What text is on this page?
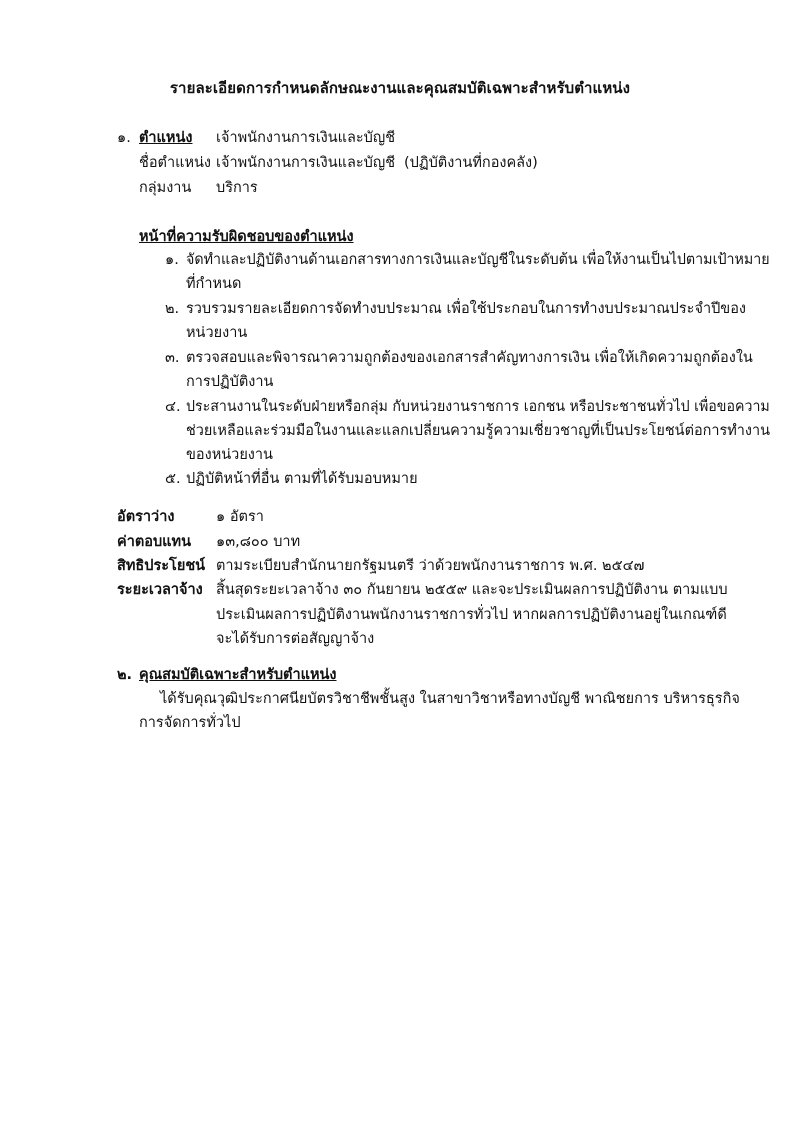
รายละเอียดการกำหนดลักษณะงานและคุณสมบัติเฉพาะสำหรับตำแหน่ง
๑. ตำแหน่ง เจ้าพนักงานการเงินและบัญชี
ชื่อตำแหน่ง เจ้าพนักงานการเงินและบัญชี (ปฏิบัติงานที่กองคลัง)
กลุ่มงาน บริการ
หน้าที่ความรับผิดชอบของตำแหน่ง
๑. จัดทำและปฏิบัติงานด้านเอกสารทางการเงินและบัญชีในระดับต้น เพื่อให้งานเป็นไปตามเป้าหมาย
ที่กำหนด
๒. รวบรวมรายละเอียดการจัดทำงบประมาณ เพื่อใช้ประกอบในการทำงบประมาณประจำปีของ
หน่วยงาน
๓. ตรวจสอบและพิจารณาความถูกต้องของเอกสารสำคัญทางการเงิน เพื่อให้เกิดความถูกต้องใน
การปฏิบัติงาน
๔. ประสานงานในระดับฝ่ายหรือกลุ่ม กับหน่วยงานราชการ เอกชน หรือประชาชนทั่วไป เพื่อขอความ
ช่วยเหลือและร่วมมือในงานและแลกเปลี่ยนความรู้ความเชี่ยวชาญที่เป็นประโยชน์ต่อการทำงาน
ของหน่วยงาน
๕. ปฏิบัติหน้าที่อื่น ตามที่ได้รับมอบหมาย
อัตราว่าง	๑ อัตรา
ค่าตอบแทน ๑๓,๘๐๐ บาท
สิทธิประโยชน์ ตามระเบียบสำนักนายกรัฐมนตรี ว่าด้วยพนักงานราชการ พ.ศ. ๒๕๔๗
ระยะเวลาจ้าง สิ้นสุดระยะเวลาจ้าง ๓๐ กันยายน ๒๕๕๙ และจะประเมินผลการปฏิบัติงาน ตามแบบ
ประเมินผลการปฏิบัติงานพนักงานราชการทั่วไป หากผลการปฏิบัติงานอยู่ในเกณฑ์ดี
จะได้รับการต่อสัญญาจ้าง
๒. คุณสมบัติเฉพาะสำหรับตำแหน่ง
ได้รับคุณวุฒิประกาศนียบัตรวิชาชีพชั้นสูง ในสาขาวิชาหรือทางบัญชี พาณิชยการ บริหารธุรกิจ
การจัดการทั่วไป
